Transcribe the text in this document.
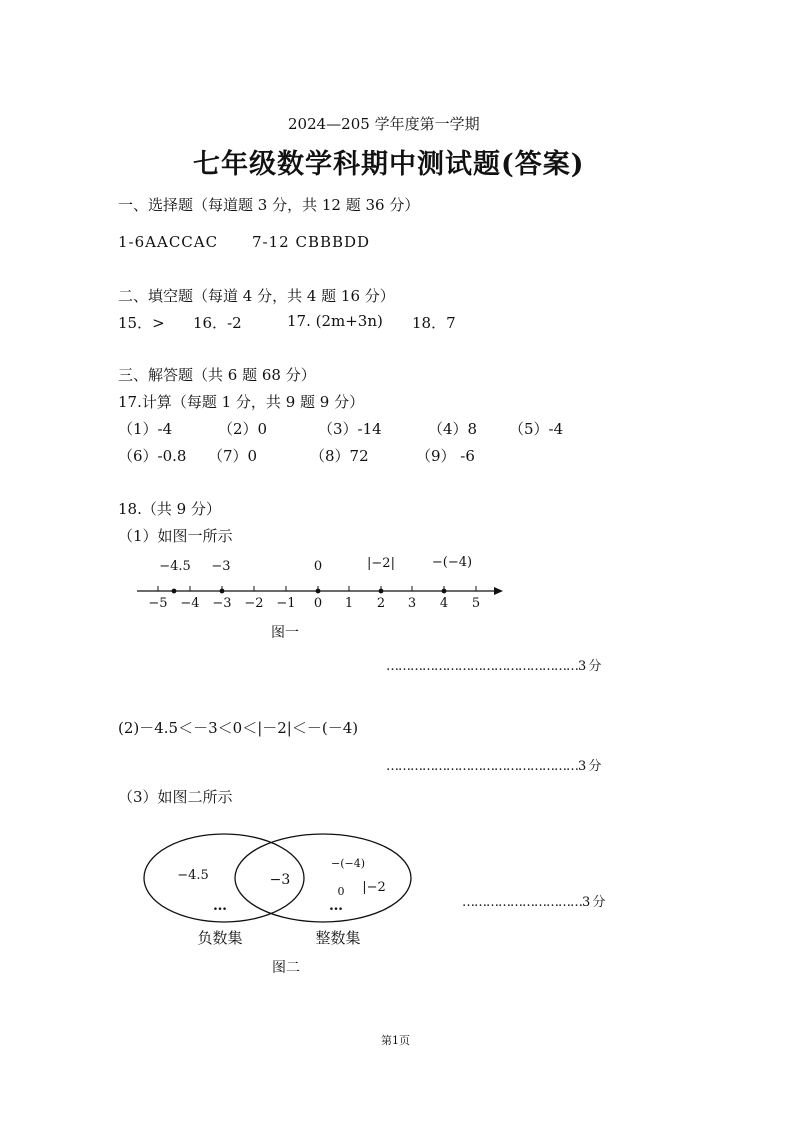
2024—205 学年度第一学期
七年级数学科期中测试题(答案)
一、选择题（每道题 3 分，共 12 题 36 分）
1-6AACCAC 7-12 CBBBDD
二、填空题（每道 4 分，共 4 题 16 分）
15．> 16．-2	17. (2m+3n) 18．7
三、解答题（共 6 题 68 分）
17.计算（每题 1 分，共 9 题 9 分）
（1）-4	（2）0	（3）-14	（4）8 （5）-4
（6）-0.8 （7）0	（8）72	（9） -6
18.（共 9 分）
（1）如图一所示
−5 −4 −3 −2 −1 0 1 2 3 4 5
−4.5 −3	0	|−2|	−(−4)
图一
−4.5	−3
−(−4)
0 |−2
…	…
负数集	整数集
图二
…………………………………………3 分
(2)－4.5＜－3＜0＜|－2|＜－(－4)
…………………………………………3 分
（3）如图二所示
…………………………3 分
第1页
